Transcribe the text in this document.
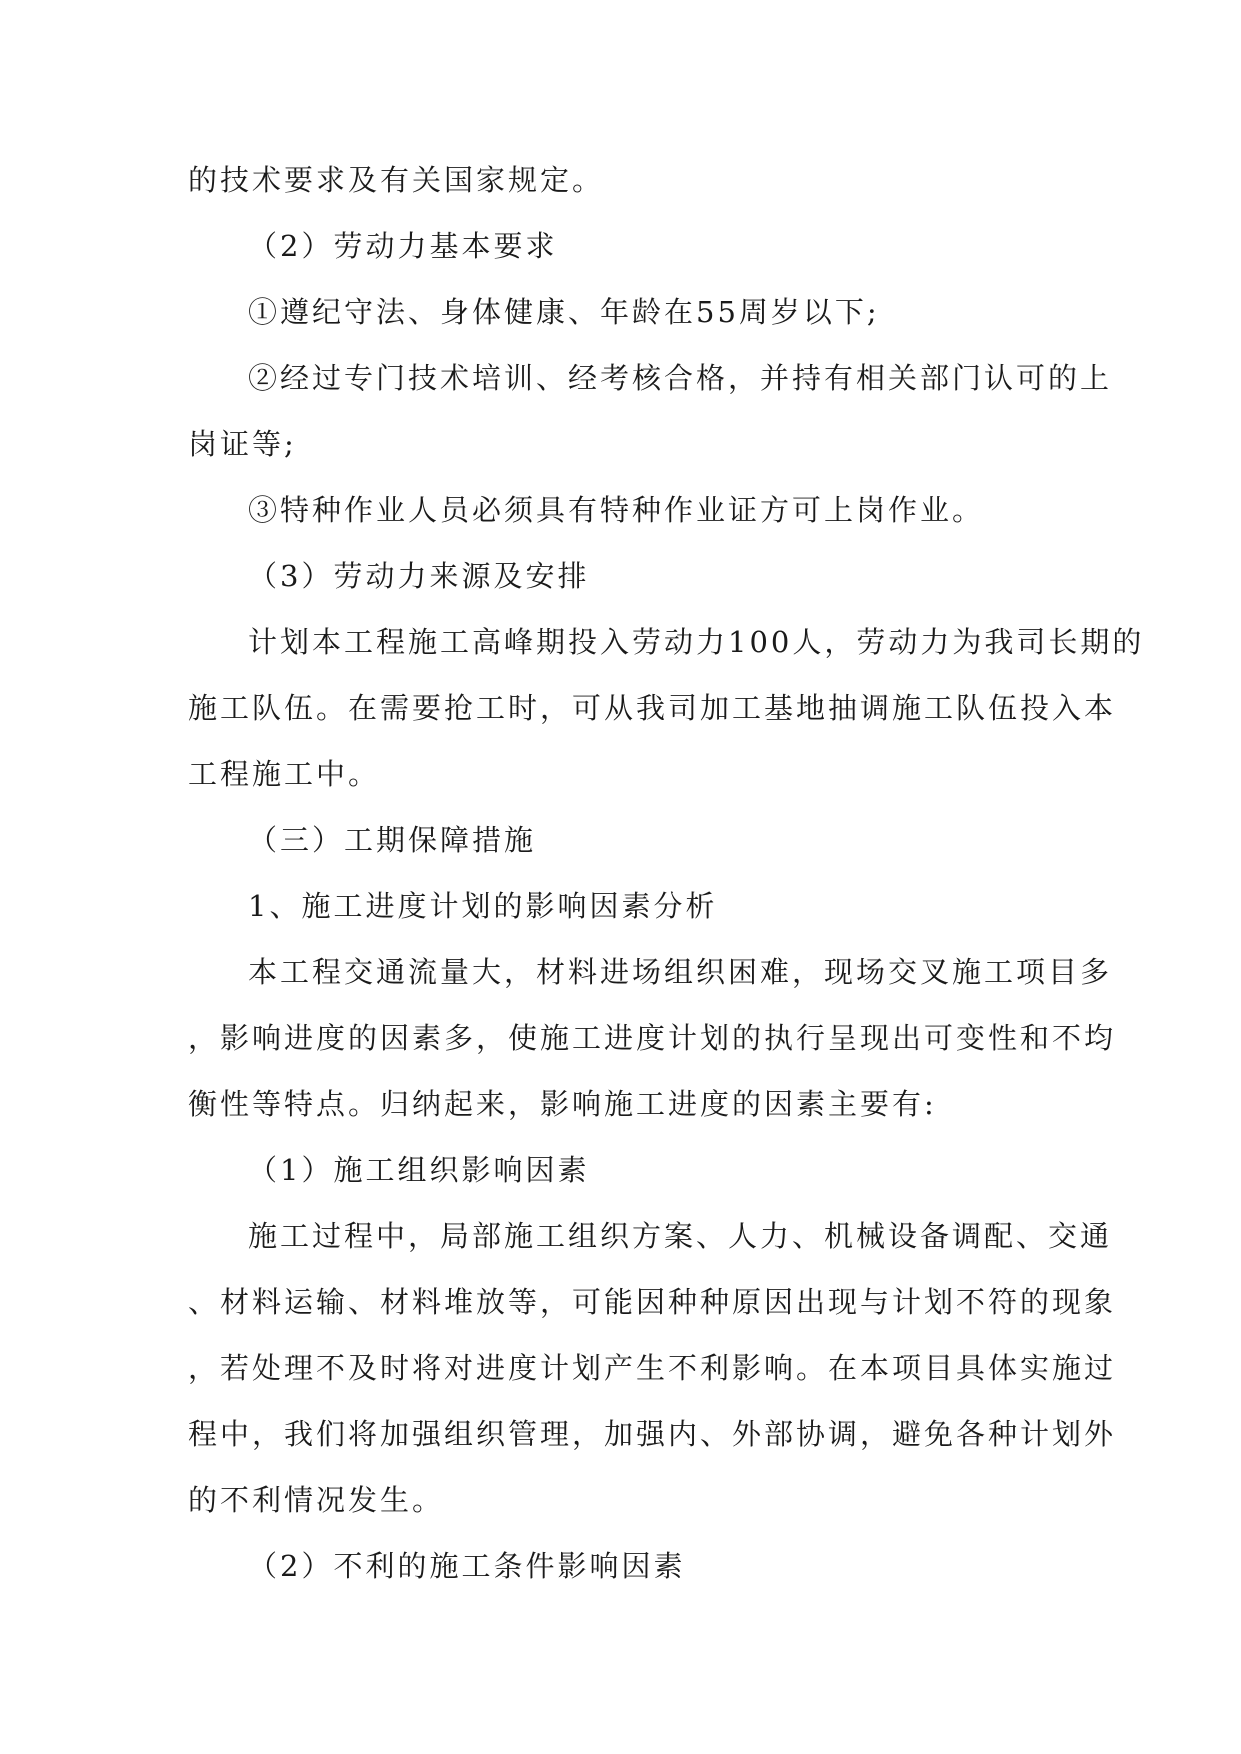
的技术要求及有关国家规定。
（2）劳动力基本要求
①遵纪守法、身体健康、年龄在55周岁以下;
②经过专门技术培训、经考核合格，并持有相关部门认可的上
岗证等;
③特种作业人员必须具有特种作业证方可上岗作业。
（3）劳动力来源及安排
计划本工程施工高峰期投入劳动力100人，劳动力为我司长期的
施工队伍。在需要抢工时，可从我司加工基地抽调施工队伍投入本
工程施工中。
（三）工期保障措施
1、施工进度计划的影响因素分析
本工程交通流量大，材料进场组织困难，现场交叉施工项目多
，影响进度的因素多，使施工进度计划的执行呈现出可变性和不均
衡性等特点。归纳起来，影响施工进度的因素主要有:
（1）施工组织影响因素
施工过程中，局部施工组织方案、人力、机械设备调配、交通
、材料运输、材料堆放等，可能因种种原因出现与计划不符的现象
，若处理不及时将对进度计划产生不利影响。在本项目具体实施过
程中，我们将加强组织管理，加强内、外部协调，避免各种计划外
的不利情况发生。
（2）不利的施工条件影响因素
